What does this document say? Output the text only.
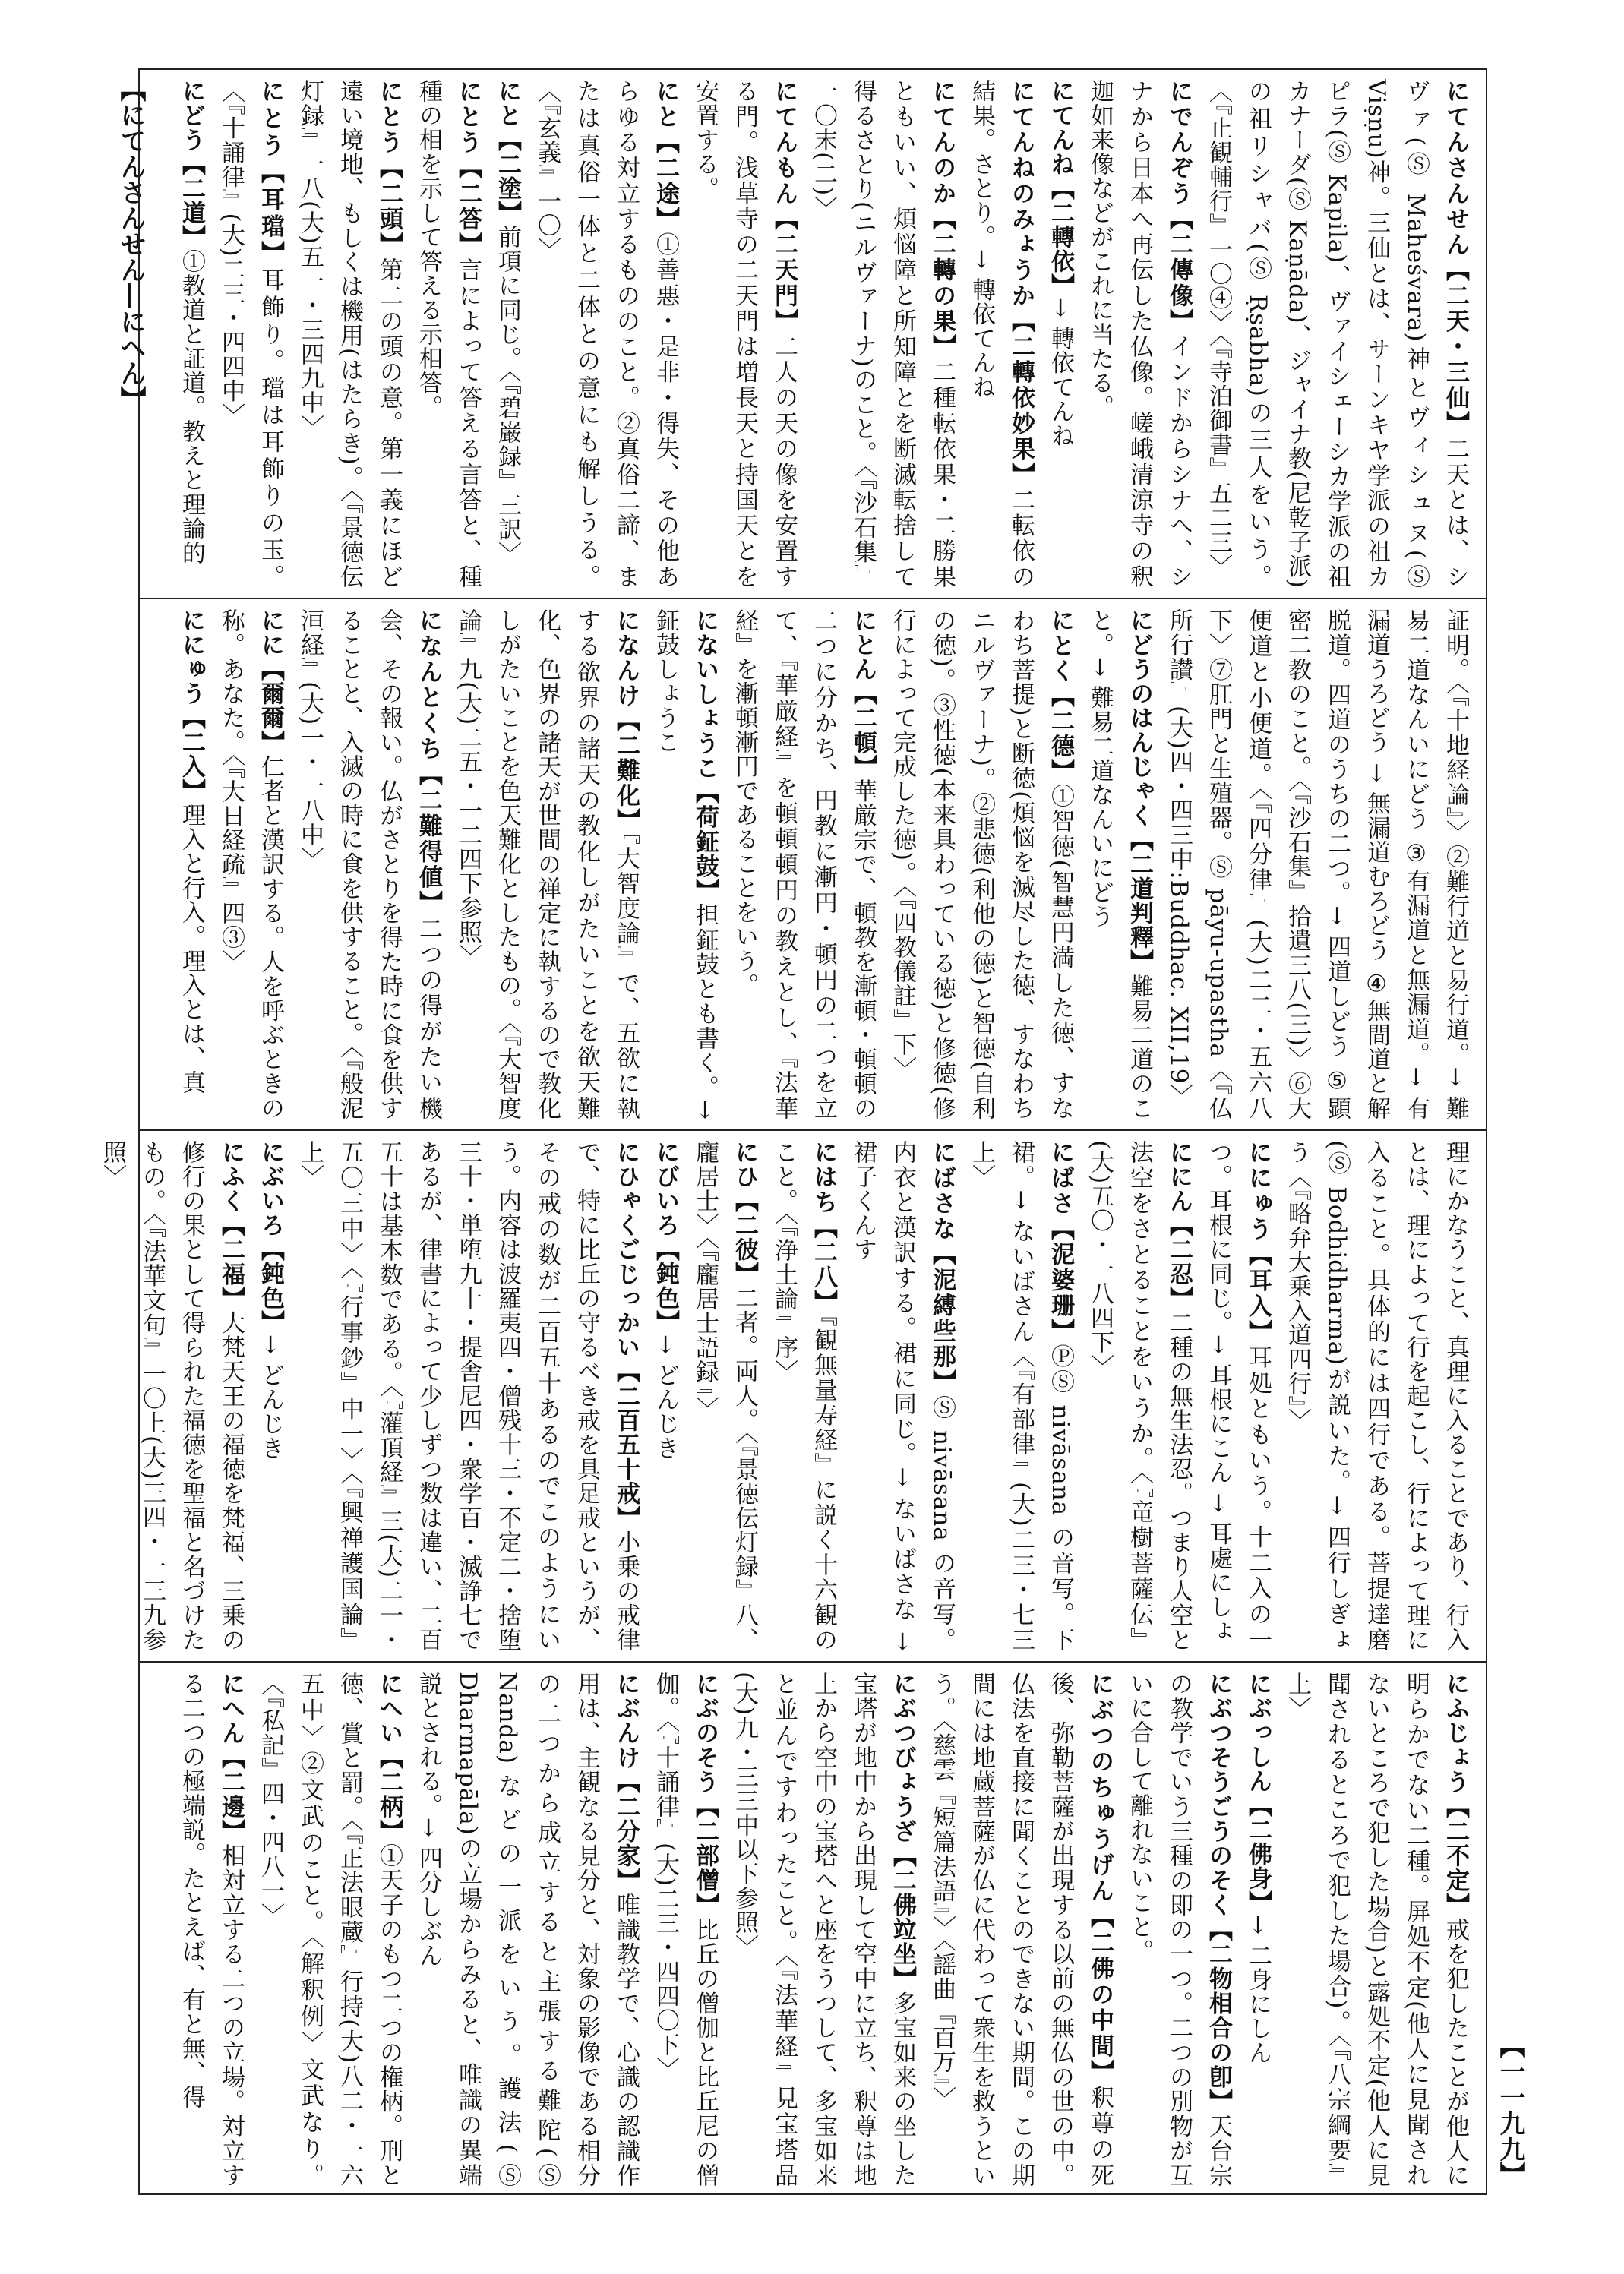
【にてんさんせん―にへん】	にてんさんせん【二天・三仙】二天とは、シヴァ(Ⓢ Maheśvara)神とヴィシュヌ(Ⓢ Viṣṇu)神。三仙とは、サーンキヤ学派の祖カピラ(Ⓢ Kapila)、ヴァイシェーシカ学派の祖カナーダ(Ⓢ Kaṇāda)、ジャイナ教(尼乾子派)の祖リシャバ(Ⓢ Ṛṣabha)の三人をいう。〈『止観輔行』一〇④〉〈『寺泊御書』五二三〉

にでんぞう【二傳像】インドからシナへ、シナから日本へ再伝した仏像。嵯峨清涼寺の釈迦如来像などがこれに当たる。

にてんね【二轉依】→ 轉依てんね

にてんねのみょうか【二轉依妙果】二転依の結果。さとり。→ 轉依てんね

にてんのか【二轉の果】二種転依果・二勝果ともいい、煩悩障と所知障とを断滅転捨して得るさとり(ニルヴァーナ)のこと。〈『沙石集』一〇末(二)〉

にてんもん【二天門】二人の天の像を安置する門。浅草寺の二天門は増長天と持国天とを安置する。

にと【二途】①善悪・是非・得失、その他あらゆる対立するもののこと。②真俗二諦、または真俗一体と二体との意にも解しうる。〈『玄義』一〇〉

にと【二塗】前項に同じ。〈『碧巌録』三訳〉

にとう【二答】言によって答える言答と、種種の相を示して答える示相答。

にとう【二頭】第二の頭の意。第一義にほど遠い境地、もしくは機用(はたらき)。〈『景徳伝灯録』一八(大)五一・三四九中〉

にとう【耳璫】耳飾り。璫は耳飾りの玉。〈『十誦律』(大)二三・四四中〉

にどう【二道】①教道と証道。教えと理論的

証明。〈『十地経論』〉②難行道と易行道。→ 難易二道なんいにどう ③有漏道と無漏道。→ 有漏道うろどう → 無漏道むろどう ④無間道と解脱道。四道のうちの二つ。→ 四道しどう ⑤顕密二教のこと。〈『沙石集』拾遺三八(三)〉⑥大便道と小便道。〈『四分律』(大)二二・五六八下〉⑦肛門と生殖器。Ⓢ pāyu-upastha〈『仏所行讃』(大)四・四三中:Buddhac. XII,19〉

にどうのはんじゃく【二道判釋】難易二道のこと。→ 難易二道なんいにどう

にとく【二德】①智徳(智慧円満した徳、すなわち菩提)と断徳(煩悩を滅尽した徳、すなわちニルヴァーナ)。②悲徳(利他の徳)と智徳(自利の徳)。③性徳(本来具わっている徳)と修徳(修行によって完成した徳)。〈『四教儀註』下〉

にとん【二頓】華厳宗で、頓教を漸頓・頓頓の二つに分かち、円教に漸円・頓円の二つを立て、『華厳経』を頓頓頓円の教えとし、『法華経』を漸頓漸円であることをいう。

にないしょうこ【荷鉦鼓】担鉦鼓とも書く。→ 鉦鼓しょうこ

になんけ【二難化】『大智度論』で、五欲に執する欲界の諸天の教化しがたいことを欲天難化、色界の諸天が世間の禅定に執するので教化しがたいことを色天難化としたもの。〈『大智度論』九(大)二五・一二四下参照〉

になんとくち【二難得値】二つの得がたい機会、その報い。仏がさとりを得た時に食を供することと、入滅の時に食を供すること。〈『般泥洹経』(大)一・一八中〉

にに【爾爾】仁者と漢訳する。人を呼ぶときの称。あなた。〈『大日経疏』四③〉

ににゅう【二入】理入と行入。理入とは、真

理にかなうこと、真理に入ることであり、行入とは、理によって行を起こし、行によって理に入ること。具体的には四行である。菩提達磨(Ⓢ Bodhidharma)が説いた。→ 四行しぎょう〈『略弁大乗入道四行』〉

ににゅう【耳入】耳処ともいう。十二入の一つ。耳根に同じ。→ 耳根にこん → 耳處にしょ

ににん【二忍】二種の無生法忍。つまり人空と法空をさとることをいうか。〈『竜樹菩薩伝』(大)五〇・一八四下〉

にばさ【泥婆珊】ⓅⓈ nivāsana の音写。下裙。→ ないばさん〈『有部律』(大)二三・七三上〉

にばさな【泥縛些那】Ⓢ nivāsana の音写。内衣と漢訳する。裙に同じ。→ ないばさな → 裙子くんす

にはち【二八】『観無量寿経』に説く十六観のこと。〈『浄土論』序〉

にひ【二彼】二者。両人。〈『景徳伝灯録』八、龐居士〉〈『龐居士語録』〉

にびいろ【鈍色】→ どんじき

にひゃくごじっかい【二百五十戒】小乗の戒律で、特に比丘の守るべき戒を具足戒というが、その戒の数が二百五十あるのでこのようにいう。内容は波羅夷四・僧残十三・不定二・捨堕三十・単堕九十・提舎尼四・衆学百・滅諍七であるが、律書によって少しずつ数は違い、二百五十は基本数である。〈『灌頂経』三(大)二一・五〇三中〉〈『行事鈔』中一〉〈『興禅護国論』上〉

にぶいろ【鈍色】→ どんじき

にふく【二福】大梵天王の福徳を梵福、三乗の修行の果として得られた福徳を聖福と名づけたもの。〈『法華文句』一〇上(大)三四・一三九参照〉

にふじょう【二不定】戒を犯したことが他人に明らかでない二種。屏処不定(他人に見聞されないところで犯した場合)と露処不定(他人に見聞されるところで犯した場合)。〈『八宗綱要』上〉

にぶっしん【二佛身】→ 二身にしん

にぶつそうごうのそく【二物相合の卽】天台宗の教学でいう三種の即の一つ。二つの別物が互いに合して離れないこと。

にぶつのちゅうげん【二佛の中間】釈尊の死後、弥勒菩薩が出現する以前の無仏の世の中。仏法を直接に聞くことのできない期間。この期間には地蔵菩薩が仏に代わって衆生を救うという。〈慈雲『短篇法語』〉〈謡曲『百万』〉

にぶつびょうざ【二佛竝坐】多宝如来の坐した宝塔が地中から出現して空中に立ち、釈尊は地上から空中の宝塔へと座をうつして、多宝如来と並んですわったこと。〈『法華経』見宝塔品(大)九・三三中以下参照〉

にぶのそう【二部僧】比丘の僧伽と比丘尼の僧伽。〈『十誦律』(大)二三・四四〇下〉

にぶんけ【二分家】唯識教学で、心識の認識作用は、主観なる見分と、対象の影像である相分の二つから成立すると主張する難陀(Ⓢ Nanda)などの一派をいう。護法(Ⓢ Dharmapāla)の立場からみると、唯識の異端説とされる。→ 四分しぶん

にへい【二柄】①天子のもつ二つの権柄。刑と徳、賞と罰。〈『正法眼蔵』行持(大)八二・一六五中〉②文武のこと。〈解釈例〉文武なり。〈『私記』四・四八一〉

にへん【二邊】相対立する二つの立場。対立する二つの極端説。たとえば、有と無、得

【一一九九】
